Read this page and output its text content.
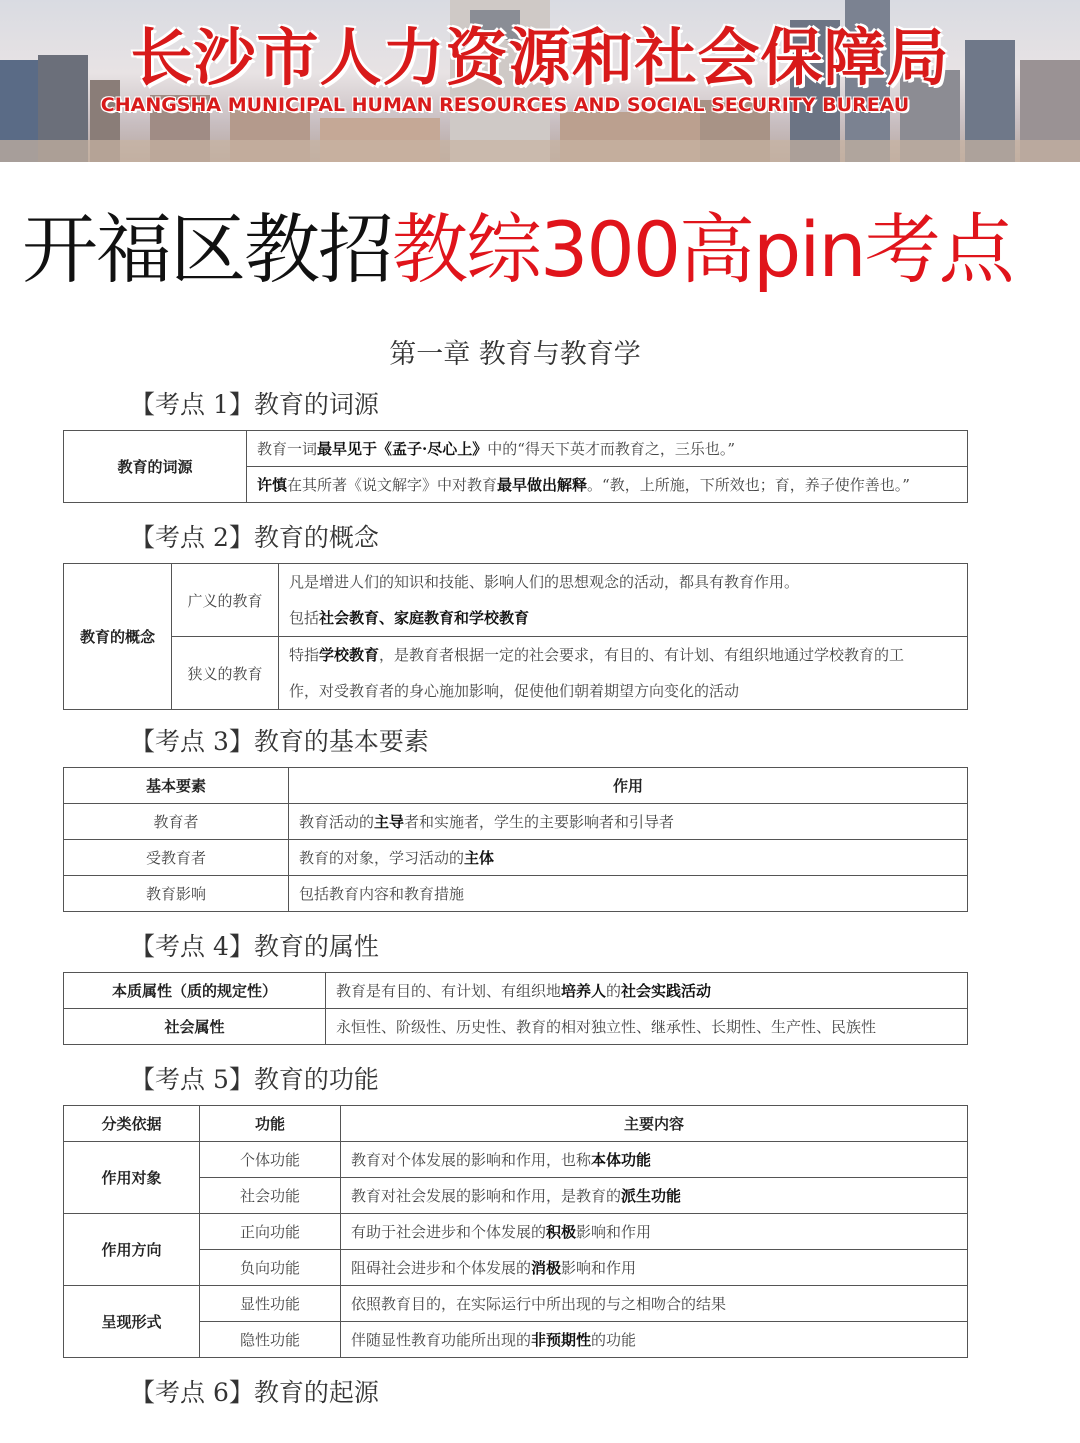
长沙市人力资源和社会保障局
CHANGSHA MUNICIPAL HUMAN RESOURCES AND SOCIAL SECURITY BUREAU
开福区教招教综300高pin考点
第一章 教育与教育学
【考点 1】教育的词源
教育的词源	教育一词最早见于《孟子·尽心上》中的“得天下英才而教育之，三乐也。”
许慎在其所著《说文解字》中对教育最早做出解释。“教，上所施，下所效也；育，养子使作善也。”
【考点 2】教育的概念
教育的概念	广义的教育	凡是增进人们的知识和技能、影响人们的思想观念的活动，都具有教育作用。
包括社会教育、家庭教育和学校教育

	狭义的教育	特指学校教育，是教育者根据一定的社会要求，有目的、有计划、有组织地通过学校教育的工
作，对受教育者的身心施加影响，促使他们朝着期望方向变化的活动
【考点 3】教育的基本要素
基本要素	作用
教育者	教育活动的主导者和实施者，学生的主要影响者和引导者
受教育者	教育的对象，学习活动的主体
教育影响	包括教育内容和教育措施
【考点 4】教育的属性
本质属性（质的规定性）	教育是有目的、有计划、有组织地培养人的社会实践活动
社会属性	永恒性、阶级性、历史性、教育的相对独立性、继承性、长期性、生产性、民族性
【考点 5】教育的功能
分类依据	功能	主要内容
作用对象	个体功能	教育对个体发展的影响和作用，也称本体功能
	社会功能	教育对社会发展的影响和作用，是教育的派生功能
作用方向	正向功能	有助于社会进步和个体发展的积极影响和作用
	负向功能	阻碍社会进步和个体发展的消极影响和作用
呈现形式	显性功能	依照教育目的，在实际运行中所出现的与之相吻合的结果
	隐性功能	伴随显性教育功能所出现的非预期性的功能
【考点 6】教育的起源
